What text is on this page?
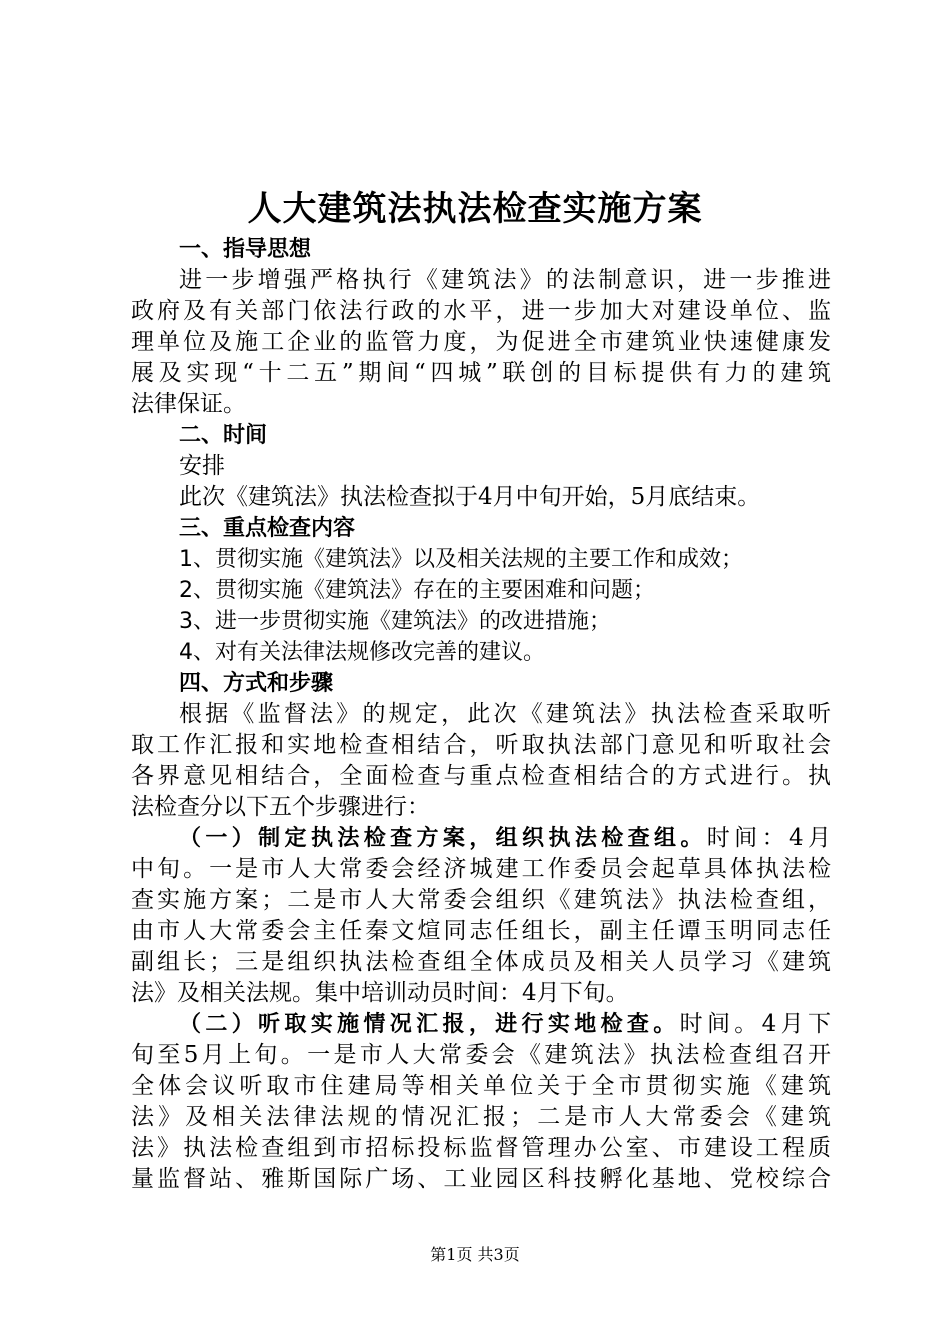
人大建筑法执法检查实施方案
一、指导思想
进一步增强严格执行《建筑法》的法制意识，进一步推进
政府及有关部门依法行政的水平，进一步加大对建设单位、监
理单位及施工企业的监管力度，为促进全市建筑业快速健康发
展及实现“十二五”期间“四城”联创的目标提供有力的建筑
法律保证。
二、时间
安排
此次《建筑法》执法检查拟于4月中旬开始，5月底结束。
三、重点检查内容
1、贯彻实施《建筑法》以及相关法规的主要工作和成效；
2、贯彻实施《建筑法》存在的主要困难和问题；
3、进一步贯彻实施《建筑法》的改进措施；
4、对有关法律法规修改完善的建议。
四、方式和步骤
根据《监督法》的规定，此次《建筑法》执法检查采取听
取工作汇报和实地检查相结合，听取执法部门意见和听取社会
各界意见相结合，全面检查与重点检查相结合的方式进行。执
法检查分以下五个步骤进行：
（一）制定执法检查方案，组织执法检查组。时间：4月
中旬。一是市人大常委会经济城建工作委员会起草具体执法检
查实施方案；二是市人大常委会组织《建筑法》执法检查组，
由市人大常委会主任秦文煊同志任组长，副主任谭玉明同志任
副组长；三是组织执法检查组全体成员及相关人员学习《建筑
法》及相关法规。集中培训动员时间：4月下旬。
（二）听取实施情况汇报，进行实地检查。时间。4月下
旬至5月上旬。一是市人大常委会《建筑法》执法检查组召开
全体会议听取市住建局等相关单位关于全市贯彻实施《建筑
法》及相关法律法规的情况汇报；二是市人大常委会《建筑
法》执法检查组到市招标投标监督管理办公室、市建设工程质
量监督站、雅斯国际广场、工业园区科技孵化基地、党校综合
第1页 共3页
